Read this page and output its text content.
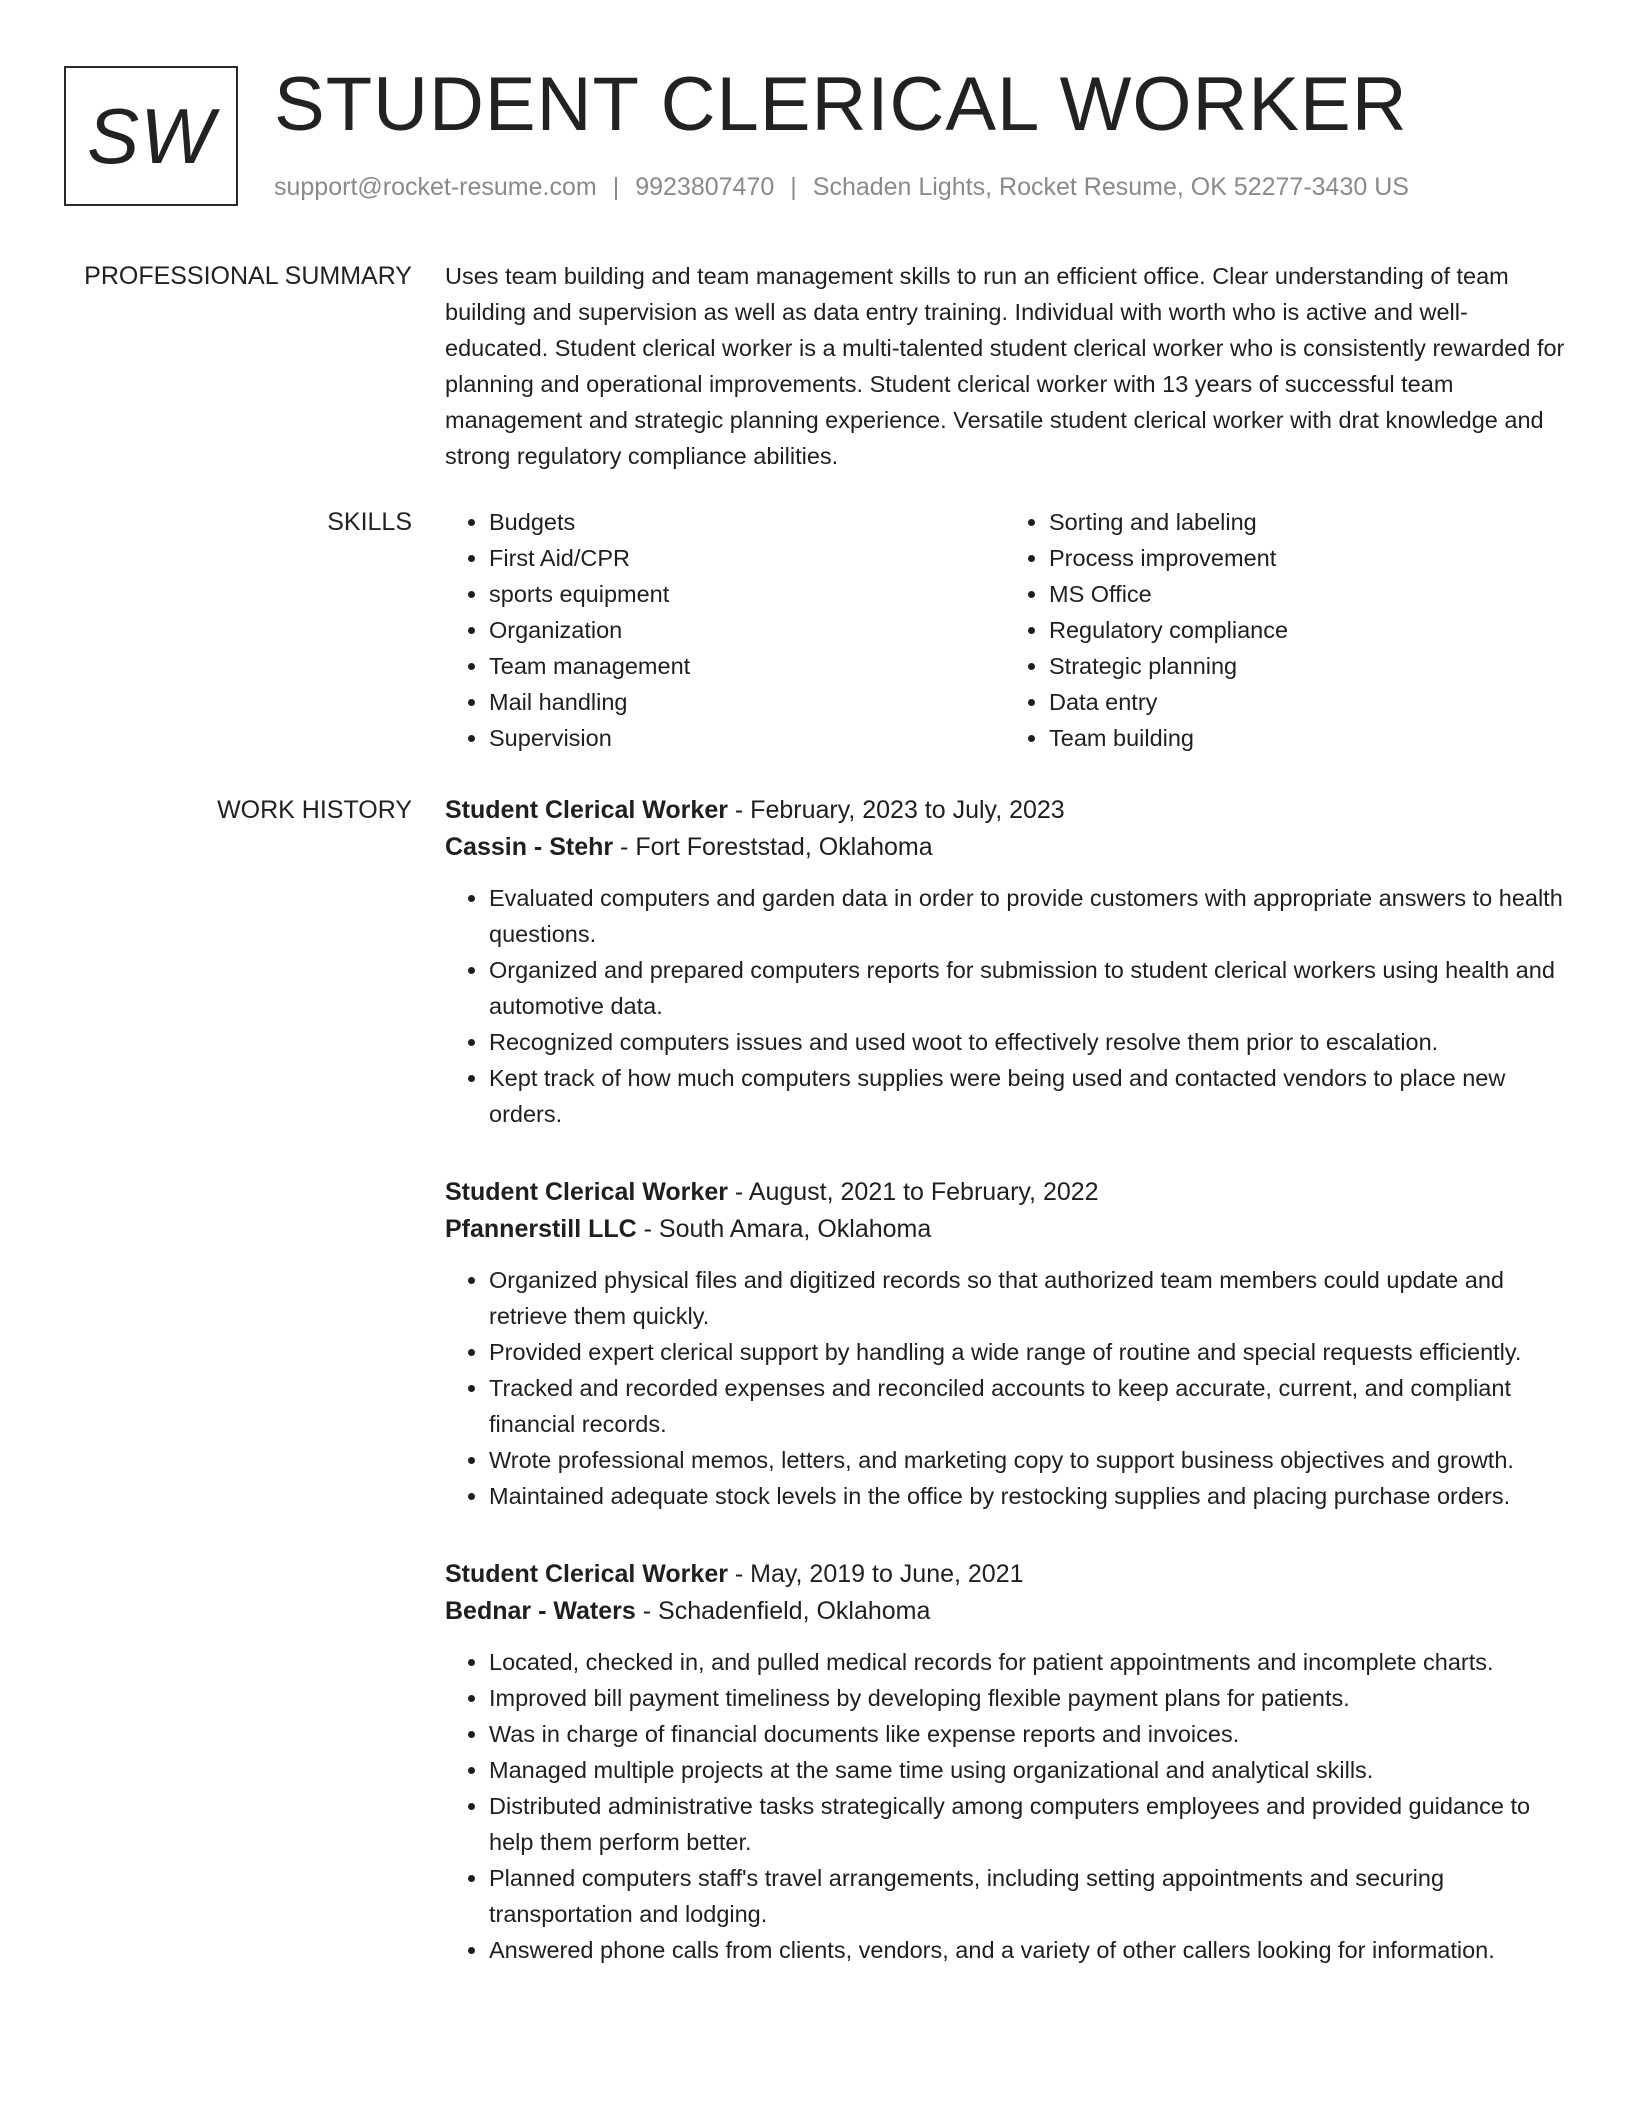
SW STUDENT CLERICAL WORKER
support@rocket-resume.com | 9923807470 | Schaden Lights, Rocket Resume, OK 52277-3430 US
PROFESSIONAL SUMMARY Uses team building and team management skills to run an efficient office. Clear understanding of team building and supervision as well as data entry training. Individual with worth who is active and well-educated. Student clerical worker is a multi-talented student clerical worker who is consistently rewarded for planning and operational improvements. Student clerical worker with 13 years of successful team management and strategic planning experience. Versatile student clerical worker with drat knowledge and strong regulatory compliance abilities.
SKILLS
•	Budgets
• First Aid/CPR
• sports equipment
• Organization
• Team management
• Mail handling
• Supervision
• Sorting and labeling
• Process improvement
• MS Office
• Regulatory compliance
• Strategic planning
• Data entry
• Team building
WORK HISTORY Student Clerical Worker - February, 2023 to July, 2023
Cassin - Stehr - Fort Foreststad, Oklahoma
• Evaluated computers and garden data in order to provide customers with appropriate answers to health questions.
• Organized and prepared computers reports for submission to student clerical workers using health and automotive data.
• Recognized computers issues and used woot to effectively resolve them prior to escalation.
• Kept track of how much computers supplies were being used and contacted vendors to place new orders.
Student Clerical Worker - August, 2021 to February, 2022
Pfannerstill LLC - South Amara, Oklahoma
• Organized physical files and digitized records so that authorized team members could update and retrieve them quickly.
• Provided expert clerical support by handling a wide range of routine and special requests efficiently.
• Tracked and recorded expenses and reconciled accounts to keep accurate, current, and compliant financial records.
• Wrote professional memos, letters, and marketing copy to support business objectives and growth.
• Maintained adequate stock levels in the office by restocking supplies and placing purchase orders.
Student Clerical Worker - May, 2019 to June, 2021
Bednar - Waters - Schadenfield, Oklahoma
• Located, checked in, and pulled medical records for patient appointments and incomplete charts.
• Improved bill payment timeliness by developing flexible payment plans for patients.
• Was in charge of financial documents like expense reports and invoices.
• Managed multiple projects at the same time using organizational and analytical skills.
• Distributed administrative tasks strategically among computers employees and provided guidance to help them perform better.
• Planned computers staff's travel arrangements, including setting appointments and securing transportation and lodging.
• Answered phone calls from clients, vendors, and a variety of other callers looking for information.
